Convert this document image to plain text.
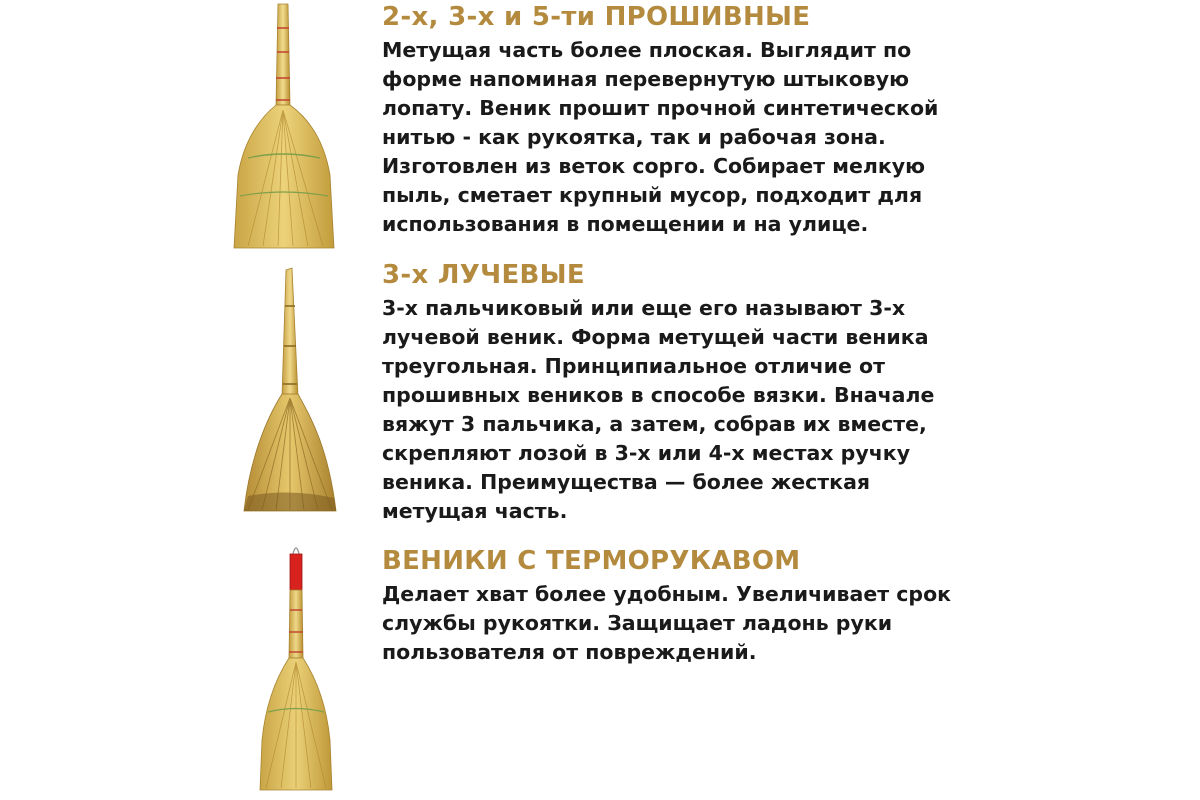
2-х, 3-х и 5-ти ПРОШИВНЫЕ

Метущая часть более плоская. Выглядит по
форме напоминая перевернутую штыковую
лопату. Веник прошит прочной синтетической
нитью - как рукоятка, так и рабочая зона.
Изготовлен из веток сорго. Собирает мелкую
пыль, сметает крупный мусор, подходит для
использования в помещении и на улице.

3-х ЛУЧЕВЫЕ

3-х пальчиковый или еще его называют 3-х
лучевой веник. Форма метущей части веника
треугольная. Принципиальное отличие от
прошивных веников в способе вязки. Вначале
вяжут 3 пальчика, а затем, собрав их вместе,
скрепляют лозой в 3-х или 4-х местах ручку
веника. Преимущества — более жесткая
метущая часть.

ВЕНИКИ С ТЕРМОРУКАВОМ

Делает хват более удобным. Увеличивает срок
службы рукоятки. Защищает ладонь руки
пользователя от повреждений.
